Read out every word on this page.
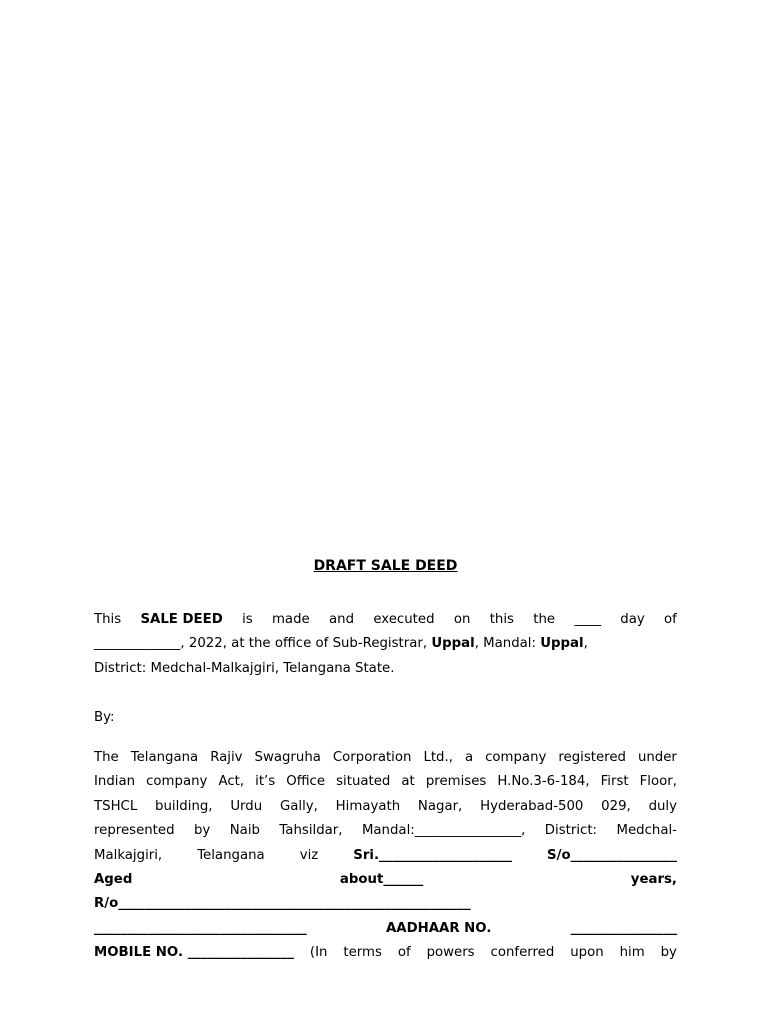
DRAFT SALE DEED
This SALE DEED is made and executed on this the ____ day of
_____________, 2022, at the office of Sub-Registrar, Uppal , Mandal: Uppal ,
District: Medchal-Malkajgiri, Telangana State.
By:
The Telangana Rajiv Swagruha Corporation Ltd., a company registered under
Indian company Act, it’s Office situated at premises H.No.3-6-184, First Floor,
TSHCL building, Urdu Gally, Himayath Nagar, Hyderabad-500 029, duly
represented by Naib Tahsildar, Mandal:________________, District: Medchal-
Malkajgiri,	Telangana	viz	Sri.____________________	S/o________________
Aged	about______	years,
R/o_____________________________________________________
________________________________	AADHAAR NO.	________________
MOBILE NO. ________________ (In terms of powers conferred upon him by
